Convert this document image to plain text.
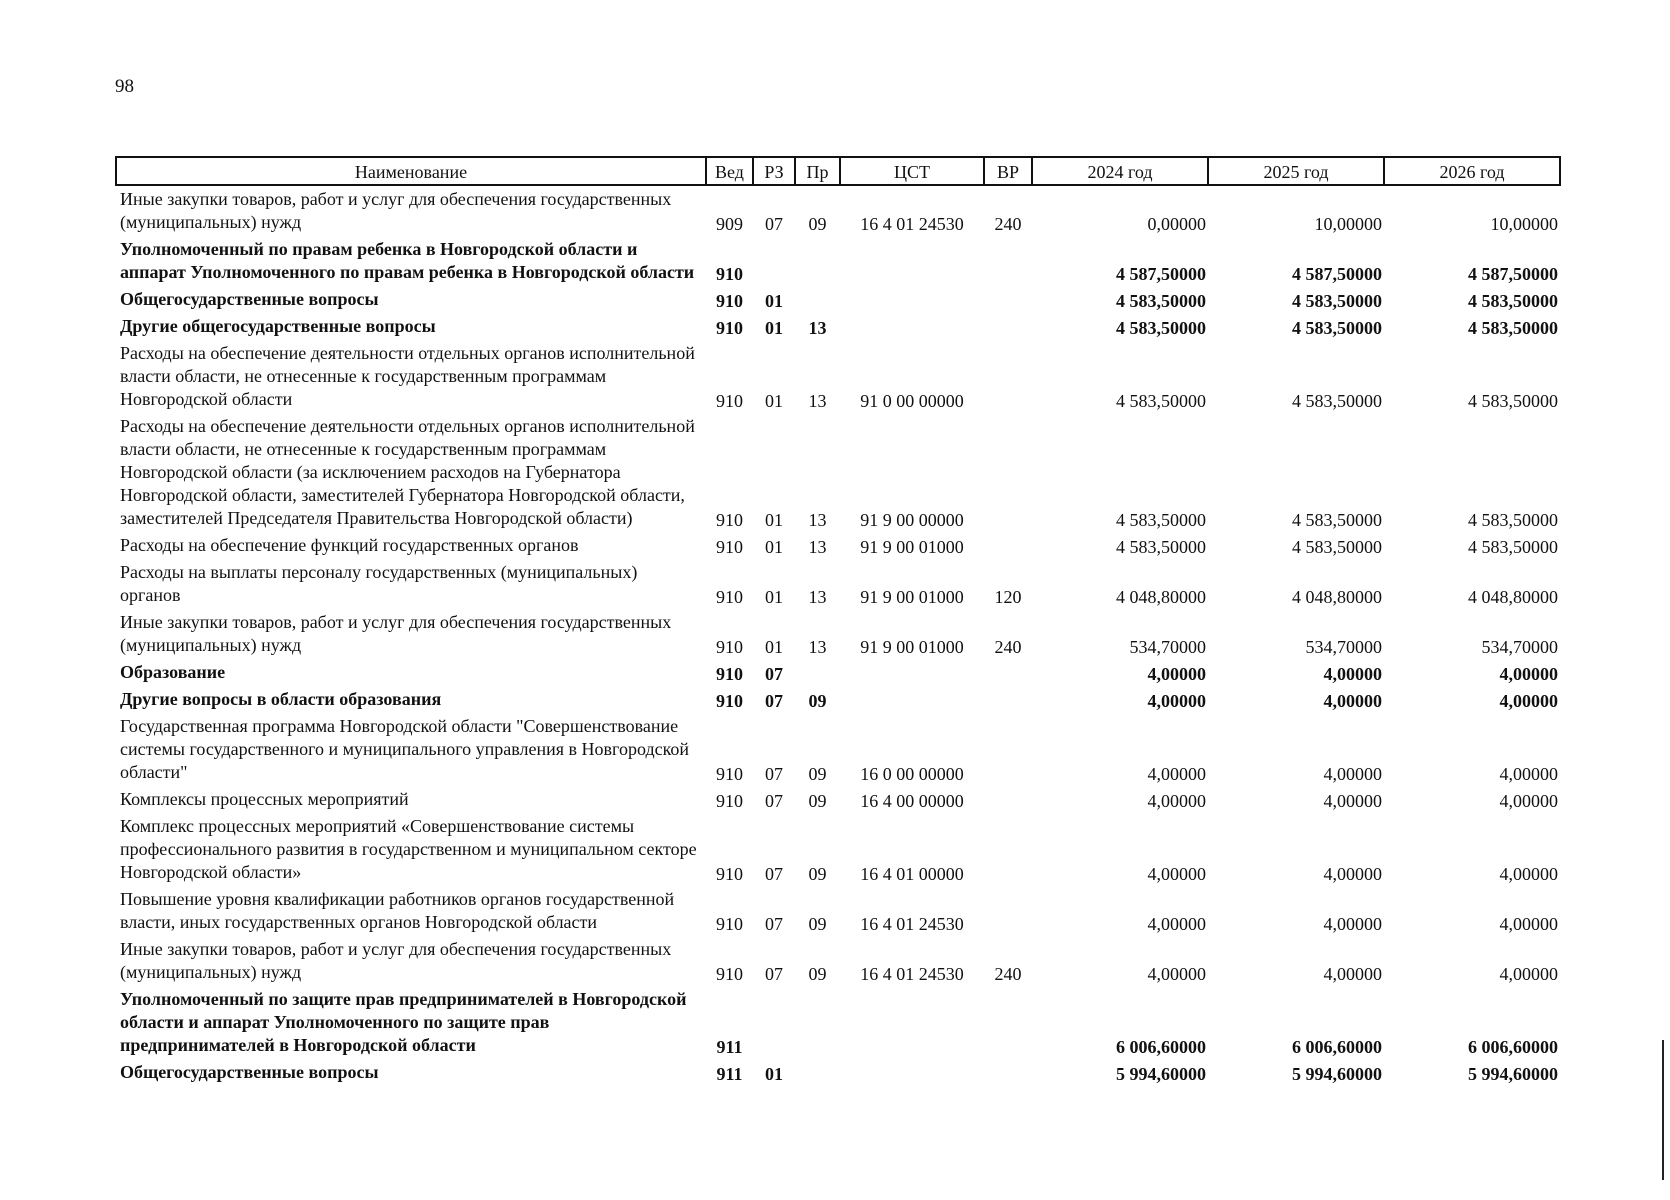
98
Наименование	Вед	РЗ	Пр	ЦСТ	ВР	2024 год	2025 год	2026 год
Иные закупки товаров, работ и услуг для обеспечения государственных (муниципальных) нужд	909	07	09	16 4 01 24530	240	0,00000	10,00000	10,00000
Уполномоченный по правам ребенка в Новгородской области и аппарат Уполномоченного по правам ребенка в Новгородской области	910					4 587,50000	4 587,50000	4 587,50000
Общегосударственные вопросы	910	01				4 583,50000	4 583,50000	4 583,50000
Другие общегосударственные вопросы	910	01	13			4 583,50000	4 583,50000	4 583,50000
Расходы на обеспечение деятельности отдельных органов исполнительной власти области, не отнесенные к государственным программам Новгородской области	910	01	13	91 0 00 00000		4 583,50000	4 583,50000	4 583,50000
Расходы на обеспечение деятельности отдельных органов исполнительной власти области, не отнесенные к государственным программам Новгородской области (за исключением расходов на Губернатора Новгородской области, заместителей Губернатора Новгородской области, заместителей Председателя Правительства Новгородской области)	910	01	13	91 9 00 00000		4 583,50000	4 583,50000	4 583,50000
Расходы на обеспечение функций государственных органов	910	01	13	91 9 00 01000		4 583,50000	4 583,50000	4 583,50000
Расходы на выплаты персоналу государственных (муниципальных) органов	910	01	13	91 9 00 01000	120	4 048,80000	4 048,80000	4 048,80000
Иные закупки товаров, работ и услуг для обеспечения государственных (муниципальных) нужд	910	01	13	91 9 00 01000	240	534,70000	534,70000	534,70000
Образование	910	07				4,00000	4,00000	4,00000
Другие вопросы в области образования	910	07	09			4,00000	4,00000	4,00000
Государственная программа Новгородской области "Совершенствование системы государственного и муниципального управления в Новгородской области"	910	07	09	16 0 00 00000		4,00000	4,00000	4,00000
Комплексы процессных мероприятий	910	07	09	16 4 00 00000		4,00000	4,00000	4,00000
Комплекс процессных мероприятий «Совершенствование системы профессионального развития в государственном и муниципальном секторе Новгородской области»	910	07	09	16 4 01 00000		4,00000	4,00000	4,00000
Повышение уровня квалификации работников органов государственной власти, иных государственных органов Новгородской области	910	07	09	16 4 01 24530		4,00000	4,00000	4,00000
Иные закупки товаров, работ и услуг для обеспечения государственных (муниципальных) нужд	910	07	09	16 4 01 24530	240	4,00000	4,00000	4,00000
Уполномоченный по защите прав предпринимателей в Новгородской области и аппарат Уполномоченного по защите прав предпринимателей в Новгородской области	911					6 006,60000	6 006,60000	6 006,60000
Общегосударственные вопросы	911	01				5 994,60000	5 994,60000	5 994,60000
